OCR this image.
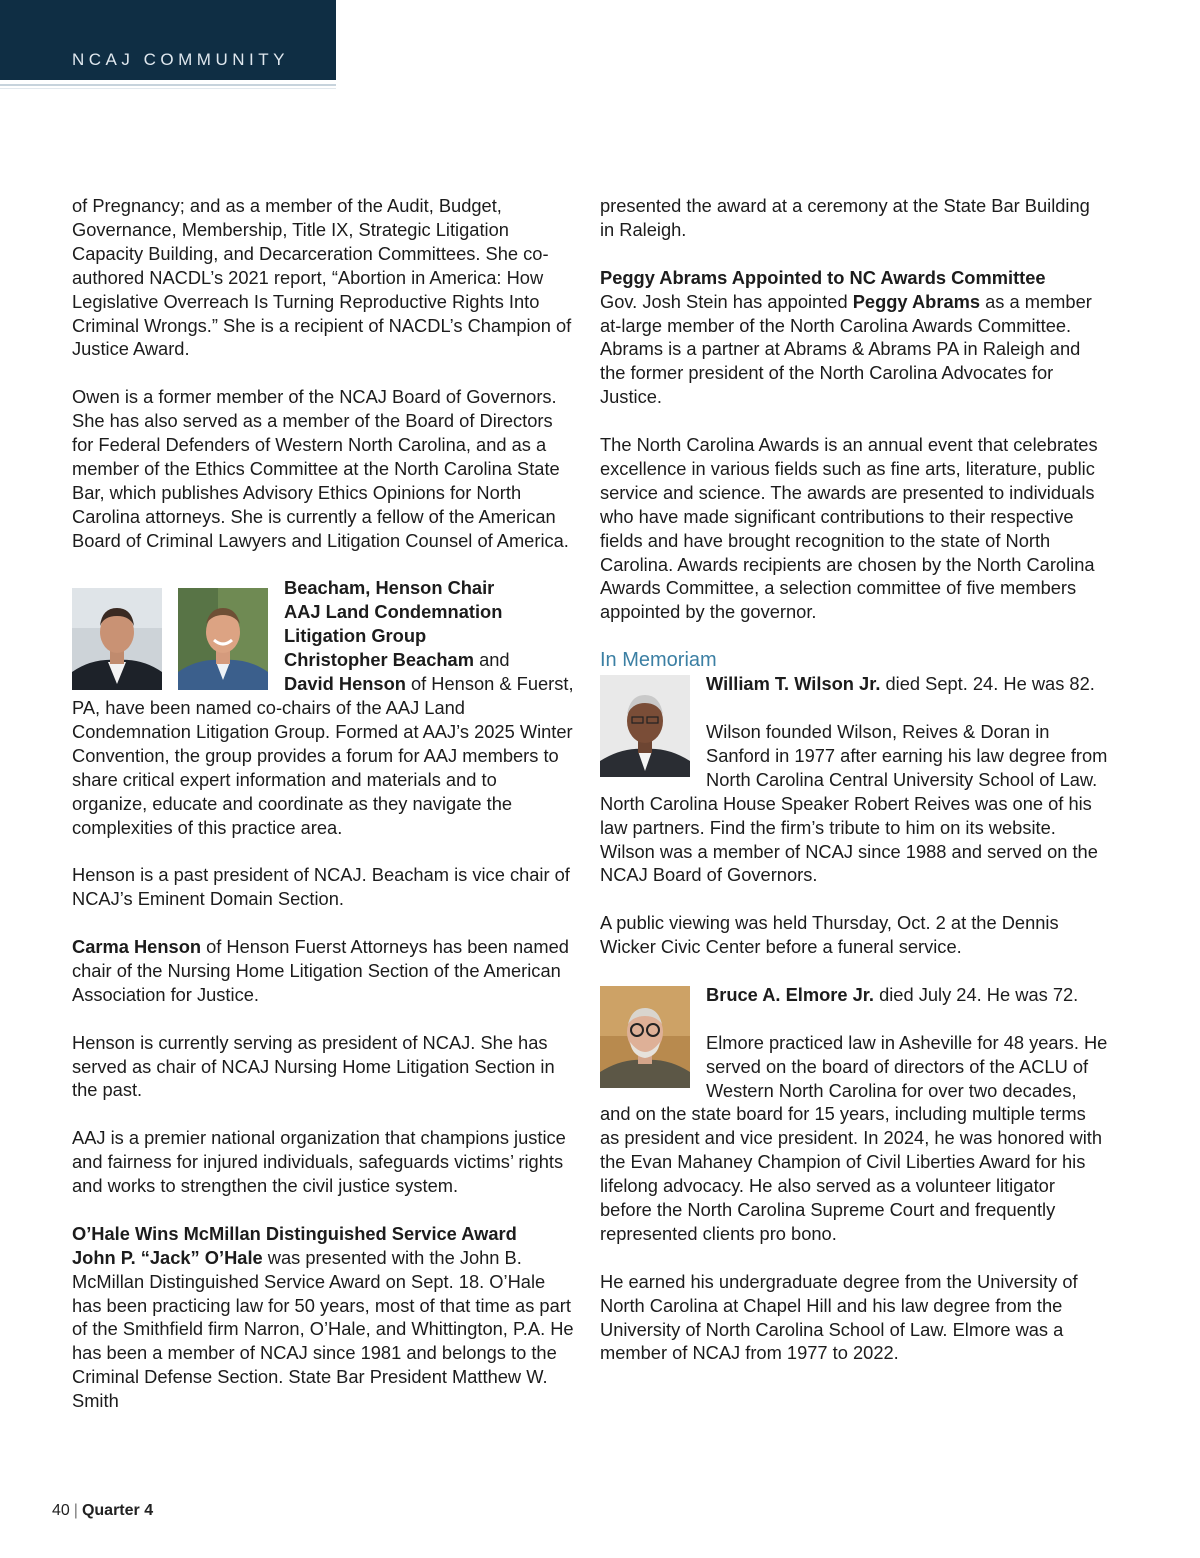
NCAJ COMMUNITY

of Pregnancy; and as a member of the Audit, Budget, Governance, Membership, Title IX, Strategic Litigation Capacity Building, and Decarceration Committees. She co-authored NACDL’s 2021 report, “Abortion in America: How Legislative Overreach Is Turning Reproductive Rights Into Criminal Wrongs.” She is a recipient of NACDL’s Champion of Justice Award.

Owen is a former member of the NCAJ Board of Governors. She has also served as a member of the Board of Directors for Federal Defenders of Western North Carolina, and as a member of the Ethics Committee at the North Carolina State Bar, which publishes Advisory Ethics Opinions for North Carolina attorneys. She is currently a fellow of the American Board of Criminal Lawyers and Litigation Counsel of America.

Beacham, Henson Chair
AAJ Land Condemnation Litigation Group
Christopher Beacham and
David Henson of Henson & Fuerst, PA, have been named co-chairs of the AAJ Land Condemnation Litigation Group. Formed at AAJ’s 2025 Winter Convention, the group provides a forum for AAJ members to share critical expert information and materials and to organize, educate and coordinate as they navigate the complexities of this practice area.

Henson is a past president of NCAJ. Beacham is vice chair of NCAJ’s Eminent Domain Section.

Carma Henson of Henson Fuerst Attorneys has been named chair of the Nursing Home Litigation Section of the American Association for Justice.

Henson is currently serving as president of NCAJ. She has served as chair of NCAJ Nursing Home Litigation Section in the past.

AAJ is a premier national organization that champions justice and fairness for injured individuals, safeguards victims’ rights and works to strengthen the civil justice system.

O’Hale Wins McMillan Distinguished Service Award
John P. “Jack” O’Hale was presented with the John B. McMillan Distinguished Service Award on Sept. 18. O’Hale has been practicing law for 50 years, most of that time as part of the Smithfield firm Narron, O’Hale, and Whittington, P.A. He has been a member of NCAJ since 1981 and belongs to the Criminal Defense Section. State Bar President Matthew W. Smith

presented the award at a ceremony at the State Bar Building in Raleigh.

Peggy Abrams Appointed to NC Awards Committee
Gov. Josh Stein has appointed Peggy Abrams as a member at-large member of the North Carolina Awards Committee. Abrams is a partner at Abrams & Abrams PA in Raleigh and the former president of the North Carolina Advocates for Justice.

The North Carolina Awards is an annual event that celebrates excellence in various fields such as fine arts, literature, public service and science. The awards are presented to individuals who have made significant contributions to their respective fields and have brought recognition to the state of North Carolina. Awards recipients are chosen by the North Carolina Awards Committee, a selection committee of five members appointed by the governor.

In Memoriam

William T. Wilson Jr. died Sept. 24. He was 82.

Wilson founded Wilson, Reives & Doran in Sanford in 1977 after earning his law degree from North Carolina Central University School of Law. North Carolina House Speaker Robert Reives was one of his law partners. Find the firm’s tribute to him on its website. Wilson was a member of NCAJ since 1988 and served on the NCAJ Board of Governors.

A public viewing was held Thursday, Oct. 2 at the Dennis Wicker Civic Center before a funeral service.

Bruce A. Elmore Jr. died July 24. He was 72.

Elmore practiced law in Asheville for 48 years. He served on the board of directors of the ACLU of Western North Carolina for over two decades, and on the state board for 15 years, including multiple terms as president and vice president. In 2024, he was honored with the Evan Mahaney Champion of Civil Liberties Award for his lifelong advocacy. He also served as a volunteer litigator before the North Carolina Supreme Court and frequently represented clients pro bono.

He earned his undergraduate degree from the University of North Carolina at Chapel Hill and his law degree from the University of North Carolina School of Law. Elmore was a member of NCAJ from 1977 to 2022.

40 | Quarter 4
